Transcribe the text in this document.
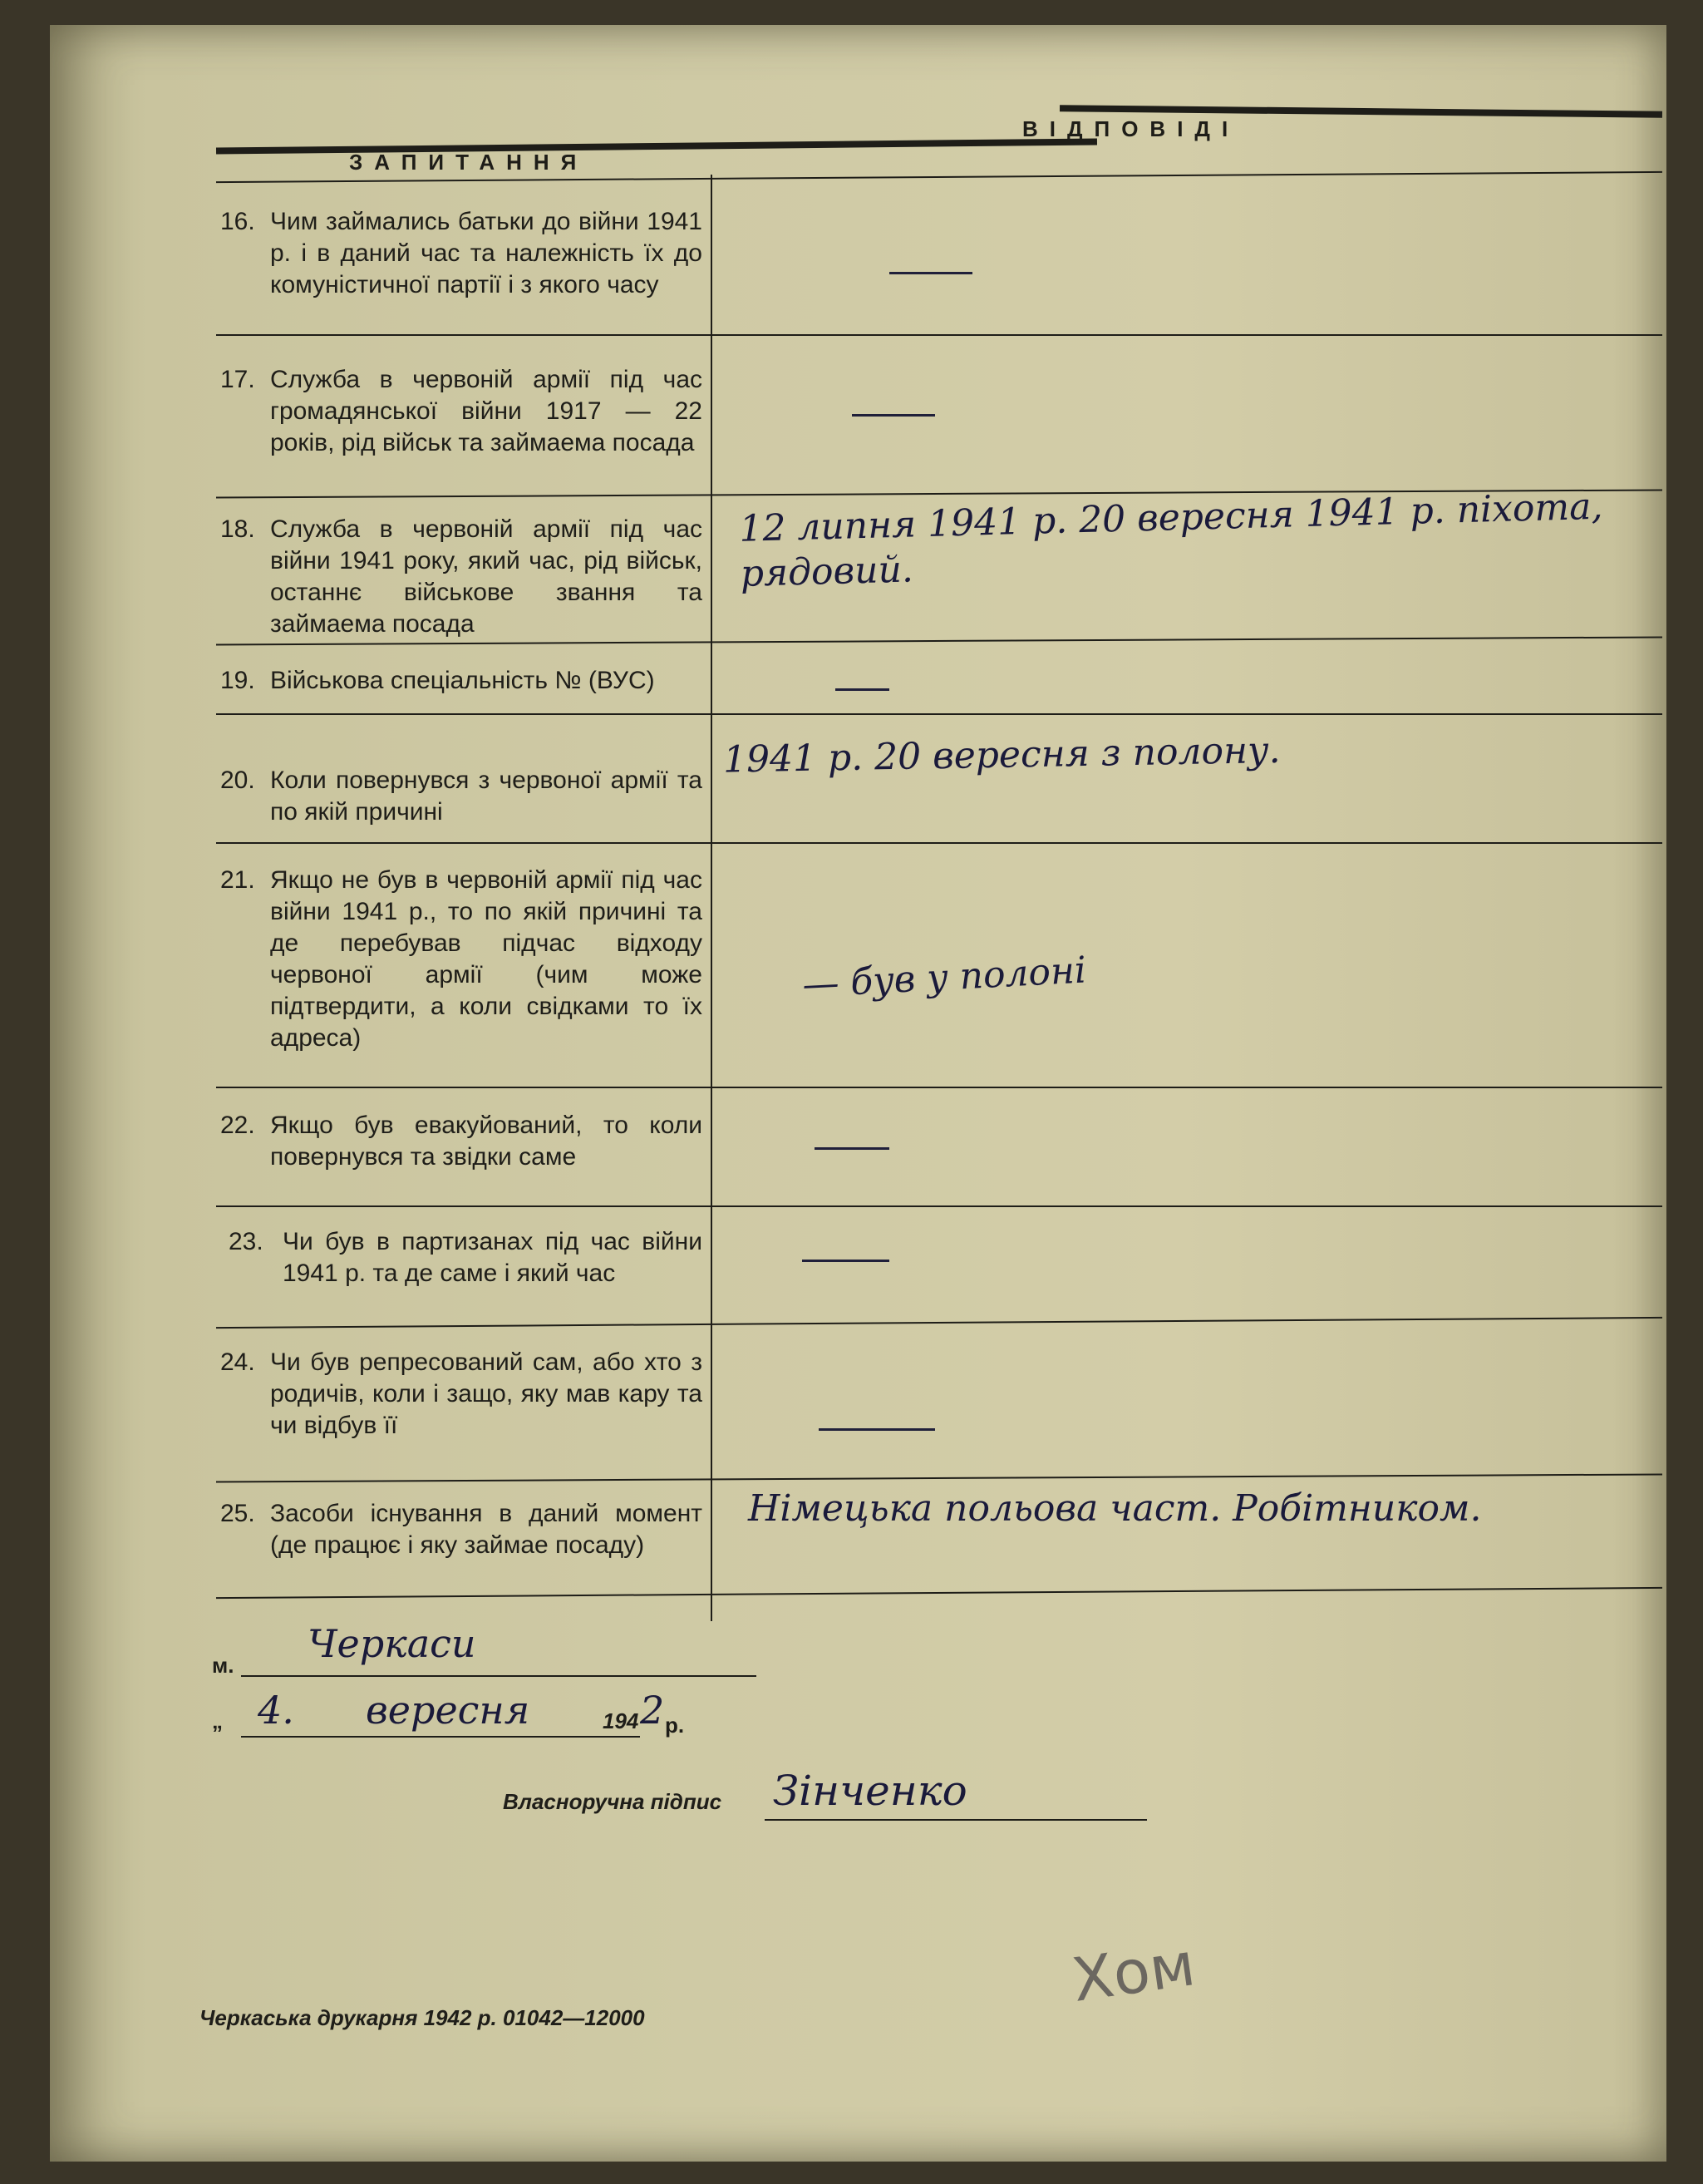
ЗАПИТАННЯ
ВІДПОВІДІ
16. Чим займались батьки до війни 1941 р. і в даний час та належність їх до комуністичної партії і з якого часу
17. Служба в червоній армії під час громадянської війни 1917 — 22 років, рід військ та займаема посада
18. Служба в червоній армії під час війни 1941 року, який час, рід військ, останнє військове звання та займаема посада
12 липня 1941 р. 20 вересня 1941 р. піхота, рядовий.
19. Військова спеціальність № (ВУС)
20. Коли повернувся з червоної армії та по якій причині
1941 р. 20 вересня з полону.
21. Якщо не був в червоній армії під час війни 1941 р., то по якій причині та де перебував підчас відходу червоної армії (чим може підтвердити, а коли свідками то їх адреса)
— був у полоні
22. Якщо був евакуйований, то коли повернувся та звідки саме
23. Чи був в партизанах під час війни 1941 р. та де саме і який час
24. Чи був репресований сам, або хто з родичів, коли і защо, яку мав кару та чи відбув її
25. Засоби існування в даний момент (де працює і яку займае посаду)
Німецька польова част. Робітником.
м. Черкаси
„ 4. вересня	194 2 р.
Власноручна підпис Зінченко
Хом
Черкаська друкарня 1942 р. 01042—12000
